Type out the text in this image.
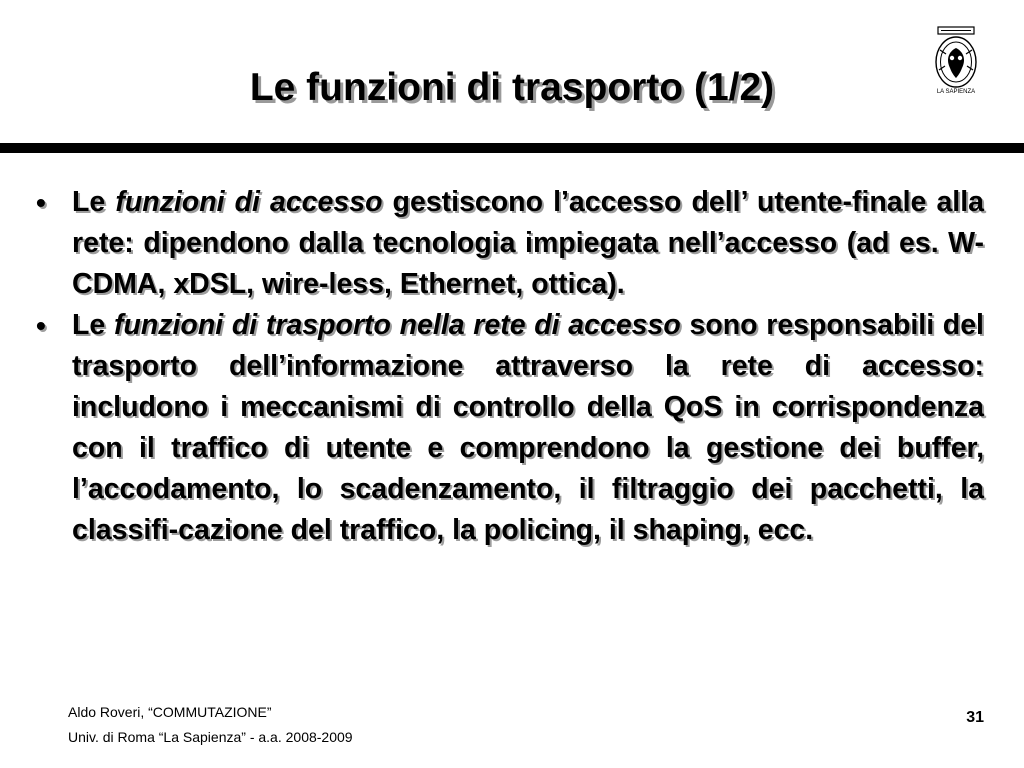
Le funzioni di trasporto (1/2)	LA SAPIENZA
• Le funzioni di accesso gestiscono l’accesso dell’ utente-finale alla rete: dipendono dalla tecnologia impiegata nell’accesso (ad es. W-CDMA, xDSL, wire-less, Ethernet, ottica).
• Le funzioni di trasporto nella rete di accesso sono responsabili del trasporto dell’informazione attraverso la rete di accesso: includono i meccanismi di controllo della QoS in corrispondenza con il traffico di utente e comprendono la gestione dei buffer, l’accodamento, lo scadenzamento, il filtraggio dei pacchetti, la classifi-cazione del traffico, la policing, il shaping, ecc.
Aldo Roveri, “COMMUTAZIONE”
Univ. di Roma “La Sapienza” - a.a. 2008-2009
31
